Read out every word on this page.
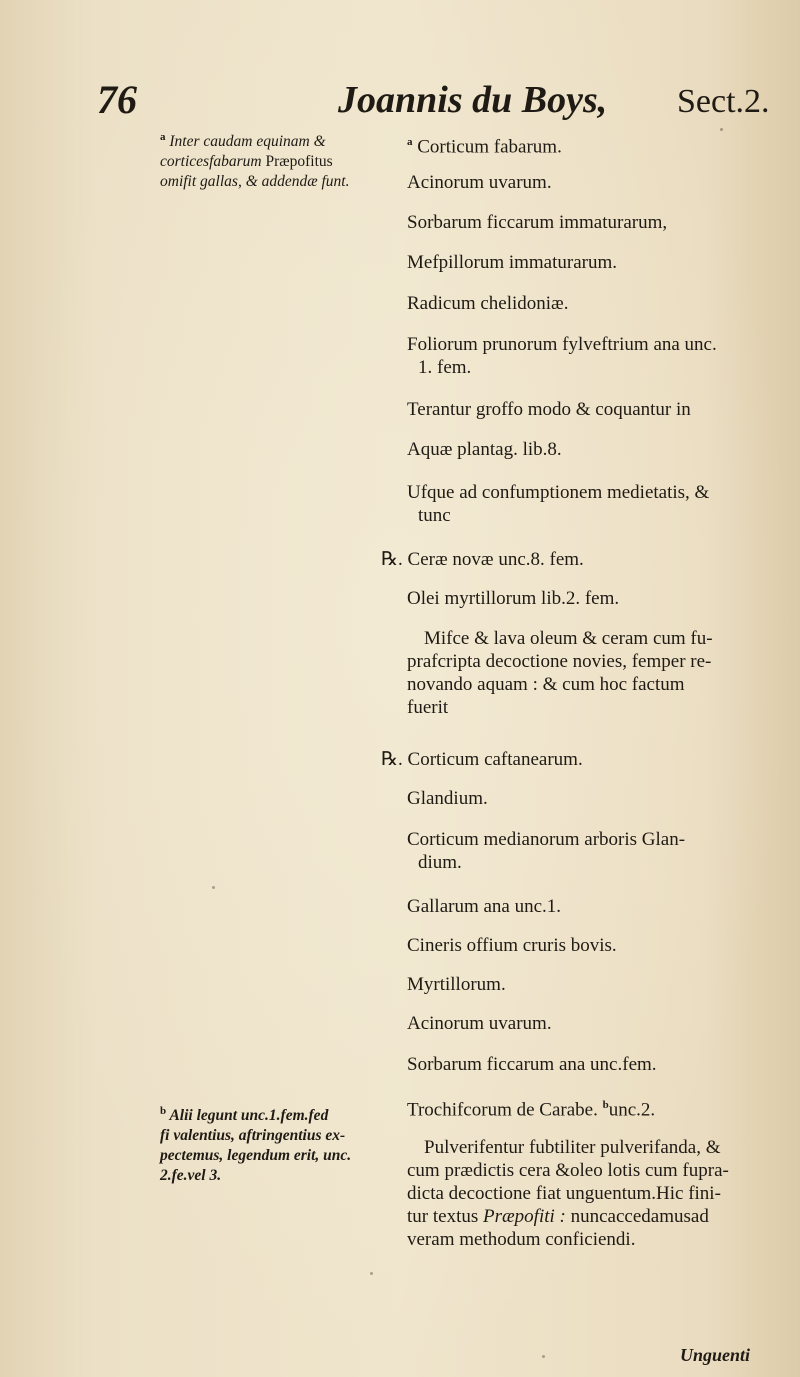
76	Joannis du Boys, Sect.2.
$^a$ Inter caudam equinam &
corticesfabarum Præpofitus
omifit gallas, & addendæ funt.
$^b$ Alii legunt unc.1.fem.fed
fi valentius, aftringentius ex-
pectemus, legendum erit, unc.
2.fe.vel 3.
$^a$ Corticum fabarum.
Acinorum uvarum.
Sorbarum ficcarum immaturarum,
Mefpillorum immaturarum.
Radicum chelidoniæ.
Foliorum prunorum fylveftrium ana unc.
1. fem.
Terantur groffo modo & coquantur in
Aquæ plantag. lib.8.
Ufque ad confumptionem medietatis, &
tunc
℞. Ceræ novæ unc.8. fem.
Olei myrtillorum lib.2. fem.
Mifce & lava oleum & ceram cum fu-
prafcripta decoctione novies, femper re-
novando aquam : & cum hoc factum
fuerit
℞. Corticum caftanearum.
Glandium.
Corticum medianorum arboris Glan-
dium.
Gallarum ana unc.1.
Cineris offium cruris bovis.
Myrtillorum.
Acinorum uvarum.
Sorbarum ficcarum ana unc.fem.
Trochifcorum de Carabe. $^b$unc.2.
Pulverifentur fubtiliter pulverifanda, &
cum prædictis cera &oleo lotis cum fupra-
dicta decoctione fiat unguentum.Hic fini-
tur textus Præpofiti : nuncaccedamusad
veram methodum conficiendi.
Unguenti
